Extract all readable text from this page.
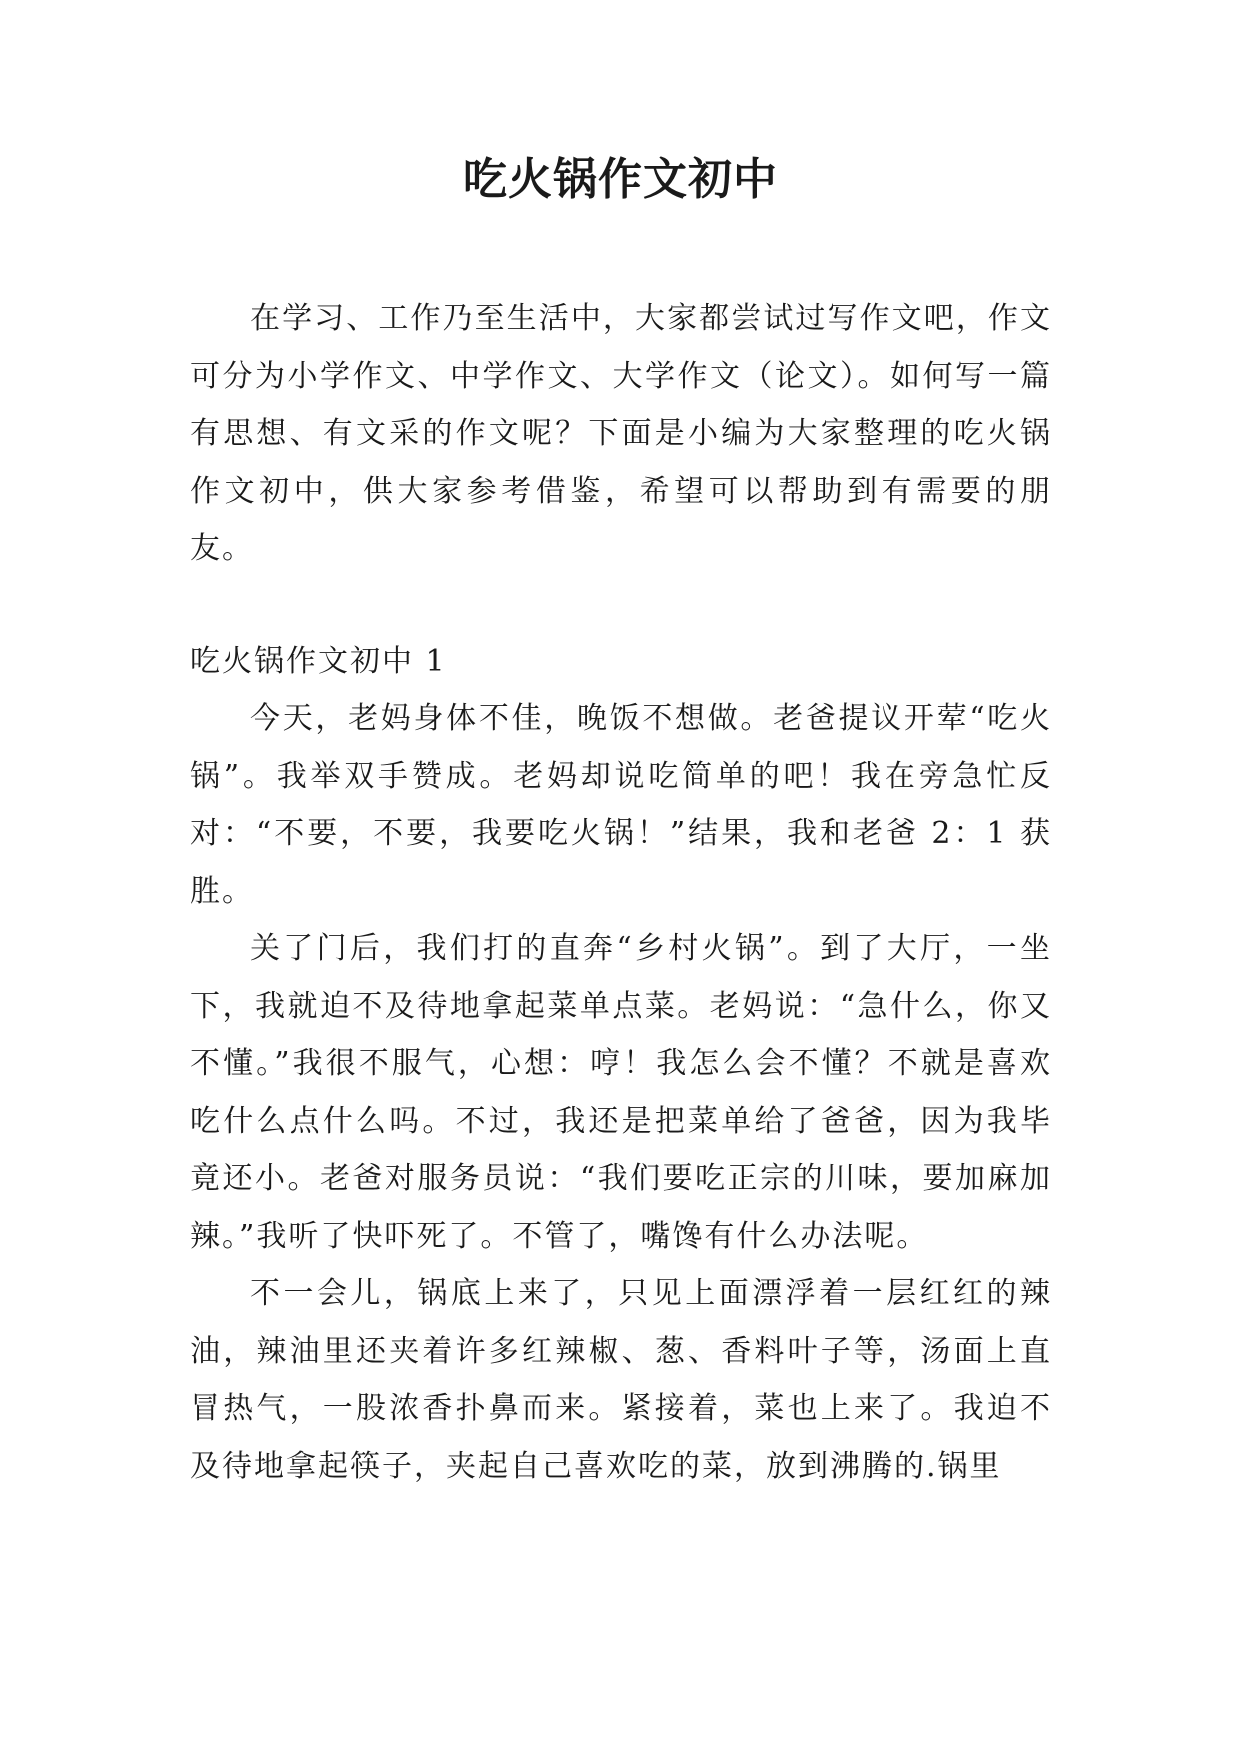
吃火锅作文初中

在学习、工作乃至生活中，大家都尝试过写作文吧，作文可分为小学作文、中学作文、大学作文（论文）。如何写一篇有思想、有文采的作文呢？下面是小编为大家整理的吃火锅作文初中，供大家参考借鉴，希望可以帮助到有需要的朋友。

吃火锅作文初中 1

今天，老妈身体不佳，晚饭不想做。老爸提议开荤“吃火锅”。我举双手赞成。老妈却说吃简单的吧！我在旁急忙反对：“不要，不要，我要吃火锅！”结果，我和老爸 2：1 获胜。

关了门后，我们打的直奔“乡村火锅”。到了大厅，一坐下，我就迫不及待地拿起菜单点菜。老妈说：“急什么，你又不懂。”我很不服气，心想：哼！我怎么会不懂？不就是喜欢吃什么点什么吗。不过，我还是把菜单给了爸爸，因为我毕竟还小。老爸对服务员说：“我们要吃正宗的川味，要加麻加辣。”我听了快吓死了。不管了，嘴馋有什么办法呢。

不一会儿，锅底上来了，只见上面漂浮着一层红红的辣油，辣油里还夹着许多红辣椒、葱、香料叶子等，汤面上直冒热气，一股浓香扑鼻而来。紧接着，菜也上来了。我迫不及待地拿起筷子，夹起自己喜欢吃的菜，放到沸腾的.锅里
